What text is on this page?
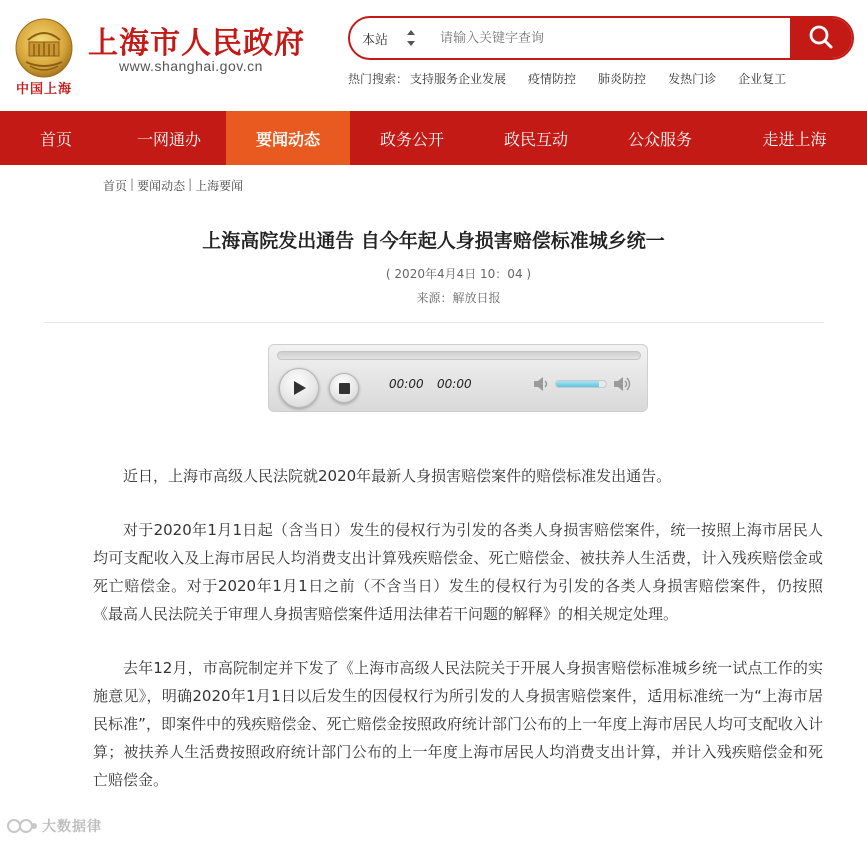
中国上海
上海市人民政府
www.shanghai.gov.cn
本站
请输入关键字查询
热门搜索： 支持服务企业发展 疫情防控 肺炎防控 发热门诊 企业复工
首页	一网通办	要闻动态	政务公开	政民互动	公众服务	走进上海
首页 | 要闻动态 | 上海要闻
上海高院发出通告 自今年起人身损害赔偿标准城乡统一
( 2020年4月4日 10：04 )
来源：解放日报
00:00 00:00

近日，上海市高级人民法院就2020年最新人身损害赔偿案件的赔偿标准发出通告。

对于2020年1月1日起（含当日）发生的侵权行为引发的各类人身损害赔偿案件，统一按照上海市居民人均可支配收入及上海市居民人均消费支出计算残疾赔偿金、死亡赔偿金、被扶养人生活费，计入残疾赔偿金或死亡赔偿金。对于2020年1月1日之前（不含当日）发生的侵权行为引发的各类人身损害赔偿案件，仍按照《最高人民法院关于审理人身损害赔偿案件适用法律若干问题的解释》的相关规定处理。

去年12月，市高院制定并下发了《上海市高级人民法院关于开展人身损害赔偿标准城乡统一试点工作的实施意见》，明确2020年1月1日以后发生的因侵权行为所引发的人身损害赔偿案件，适用标准统一为“上海市居民标准”，即案件中的残疾赔偿金、死亡赔偿金按照政府统计部门公布的上一年度上海市居民人均可支配收入计算；被扶养人生活费按照政府统计部门公布的上一年度上海市居民人均消费支出计算，并计入残疾赔偿金和死亡赔偿金。

大数据律
